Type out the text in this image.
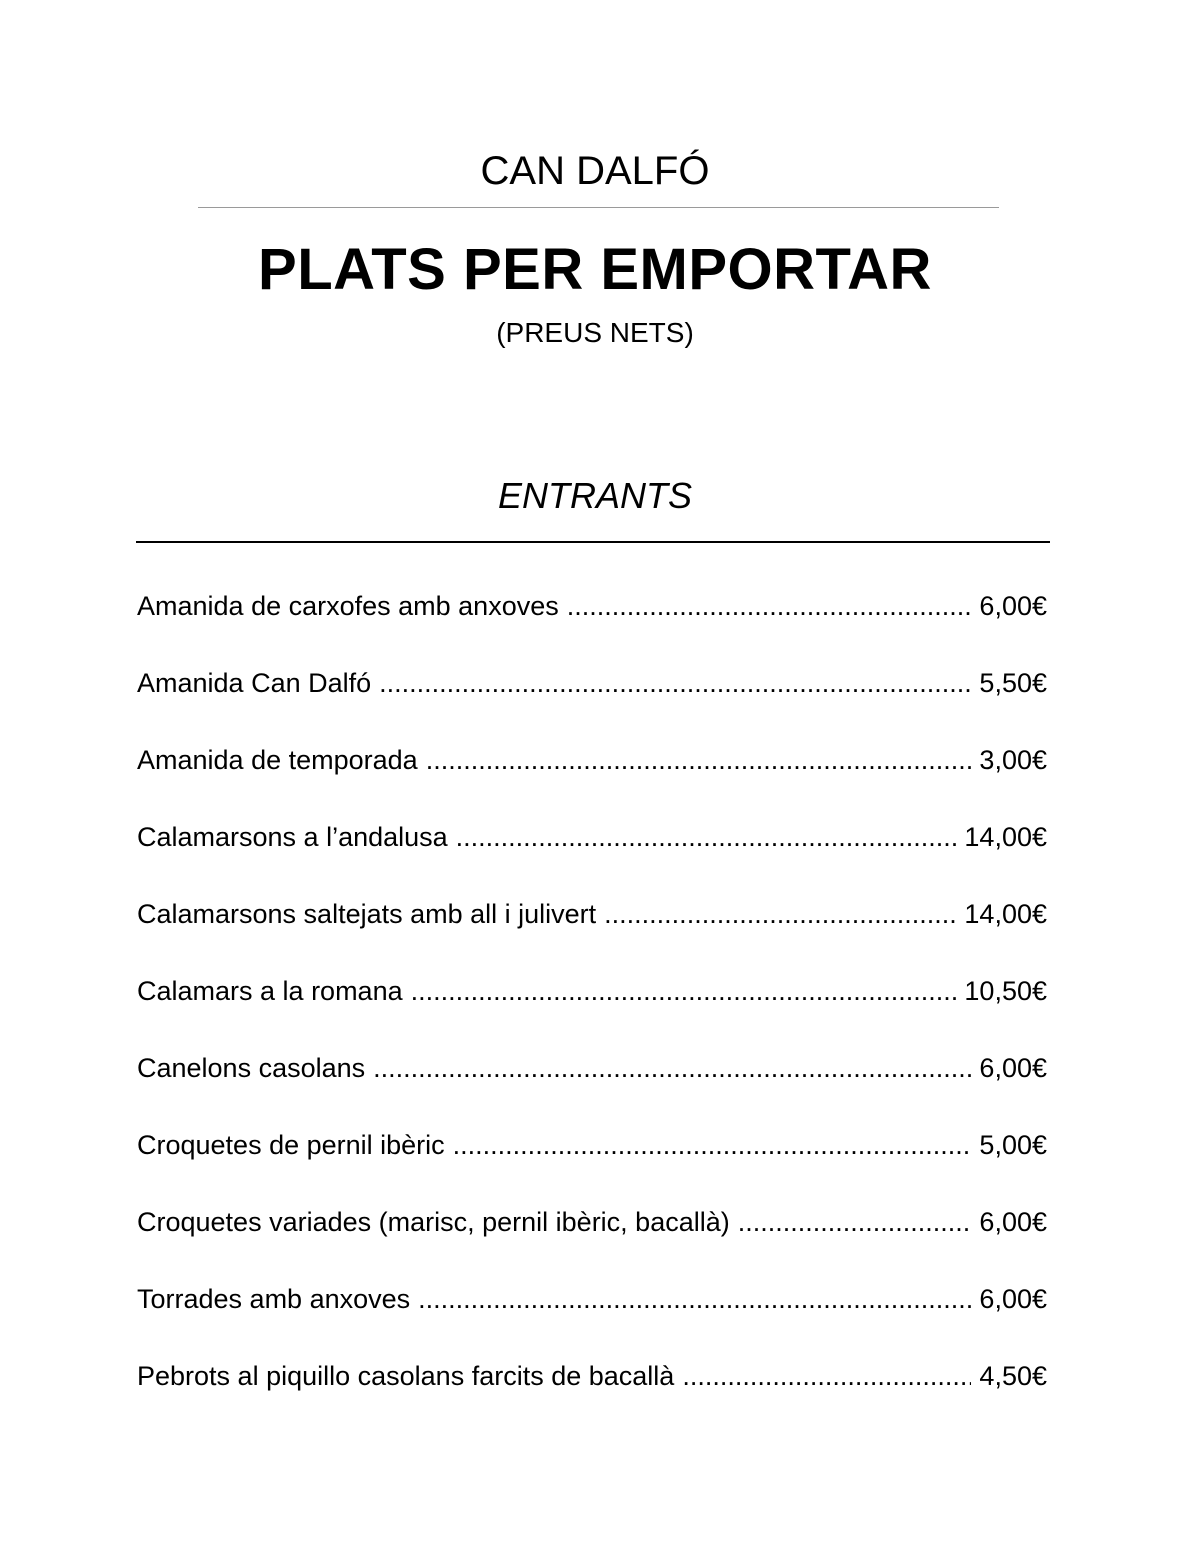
CAN DALFÓ
PLATS PER EMPORTAR
(PREUS NETS)
ENTRANTS
Amanida de carxofes amb anxoves .....	6,00€
Amanida Can Dalfó .....	5,50€
Amanida de temporada .....	3,00€
Calamarsons a l’andalusa .....	14,00€
Calamarsons saltejats amb all i julivert .....	14,00€
Calamars a la romana .....	10,50€
Canelons casolans .....	6,00€
Croquetes de pernil ibèric .....	5,00€
Croquetes variades (marisc, pernil ibèric, bacallà) .....	6,00€
Torrades amb anxoves .....	6,00€
Pebrots al piquillo casolans farcits de bacallà .....	4,50€
